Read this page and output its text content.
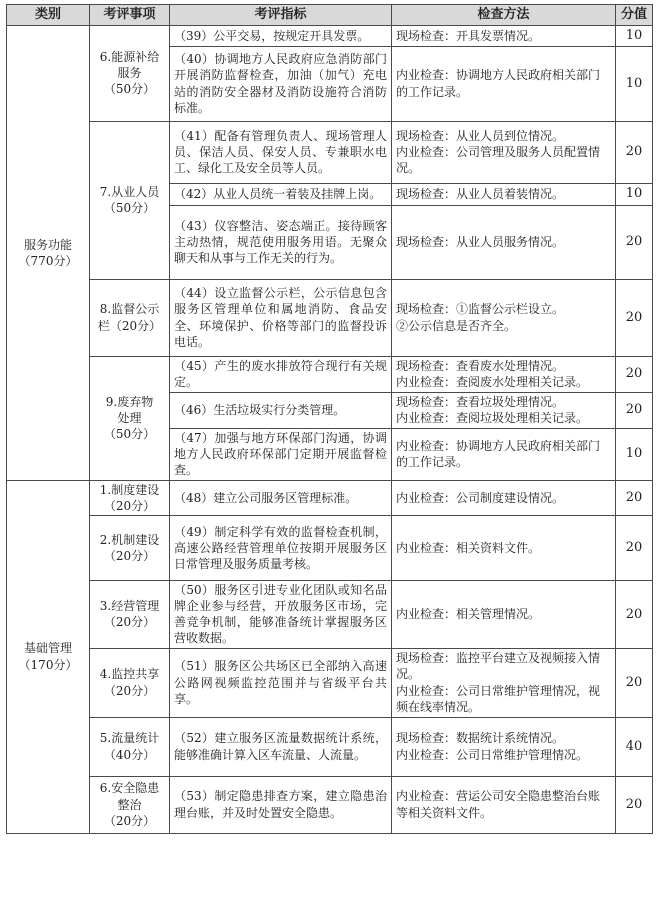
类别	考评事项	考评指标	检查方法	分值
服务功能
（770分）	6.能源补给
服务
（50分）	（39）公平交易，按规定开具发票。	现场检查：开具发票情况。	10
		（40）协调地方人民政府应急消防部门开展消防监督检查，加油（加气）充电站的消防安全器材及消防设施符合消防标准。	内业检查：协调地方人民政府相关部门的工作记录。	10
	7.从业人员
（50分）	（41）配备有管理负责人、现场管理人员、保洁人员、保安人员、专兼职水电工、绿化工及安全员等人员。	现场检查：从业人员到位情况。
内业检查：公司管理及服务人员配置情况。	20
		（42）从业人员统一着装及挂牌上岗。	现场检查：从业人员着装情况。	10
		（43）仪容整洁、姿态端正。接待顾客主动热情，规范使用服务用语。无聚众聊天和从事与工作无关的行为。	现场检查：从业人员服务情况。	20
	8.监督公示
栏（20分）	（44）设立监督公示栏，公示信息包含服务区管理单位和属地消防、食品安全、环境保护、价格等部门的监督投诉电话。	现场检查：①监督公示栏设立。
②公示信息是否齐全。	20
	9.废弃物
处理
（50分）	（45）产生的废水排放符合现行有关规定。	现场检查：查看废水处理情况。
内业检查：查阅废水处理相关记录。	20
		（46）生活垃圾实行分类管理。	现场检查：查看垃圾处理情况。
内业检查：查阅垃圾处理相关记录。	20
		（47）加强与地方环保部门沟通，协调地方人民政府环保部门定期开展监督检查。	内业检查：协调地方人民政府相关部门的工作记录。	10
基础管理
（170分）	1.制度建设
（20分）	（48）建立公司服务区管理标准。	内业检查：公司制度建设情况。	20
	2.机制建设
（20分）	（49）制定科学有效的监督检查机制，高速公路经营管理单位按期开展服务区日常管理及服务质量考核。	内业检查：相关资料文件。	20
	3.经营管理
（20分）	（50）服务区引进专业化团队或知名品牌企业参与经营，开放服务区市场，完善竞争机制，能够准备统计掌握服务区营收数据。	内业检查：相关管理情况。	20
	4.监控共享
（20分）	（51）服务区公共场区已全部纳入高速公路网视频监控范围并与省级平台共享。	现场检查：监控平台建立及视频接入情况。
内业检查：公司日常维护管理情况，视频在线率情况。	20
	5.流量统计
（40分）	（52）建立服务区流量数据统计系统，能够准确计算入区车流量、人流量。	现场检查：数据统计系统情况。
内业检查：公司日常维护管理情况。	40
	6.安全隐患
整治
（20分）	（53）制定隐患排查方案，建立隐患治理台账，并及时处置安全隐患。	内业检查：营运公司安全隐患整治台账等相关资料文件。	20
